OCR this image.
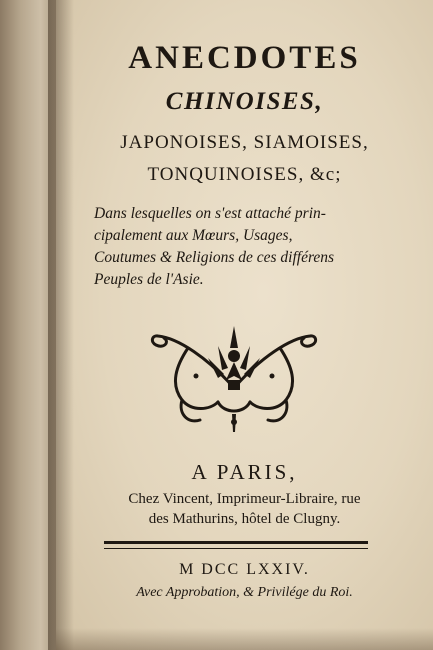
ANECDOTES
CHINOISES,
JAPONOISES, SIAMOISES,
TONQUINOISES, &c;
Dans lesquelles on s'est attaché prin-
cipalement aux Mœurs, Usages,
Coutumes & Religions de ces différens
Peuples de l'Asie.
A PARIS,
Chez Vincent, Imprimeur-Libraire, rue
des Mathurins, hôtel de Clugny.
M DCC LXXIV.
Avec Approbation, & Privilége du Roi.
